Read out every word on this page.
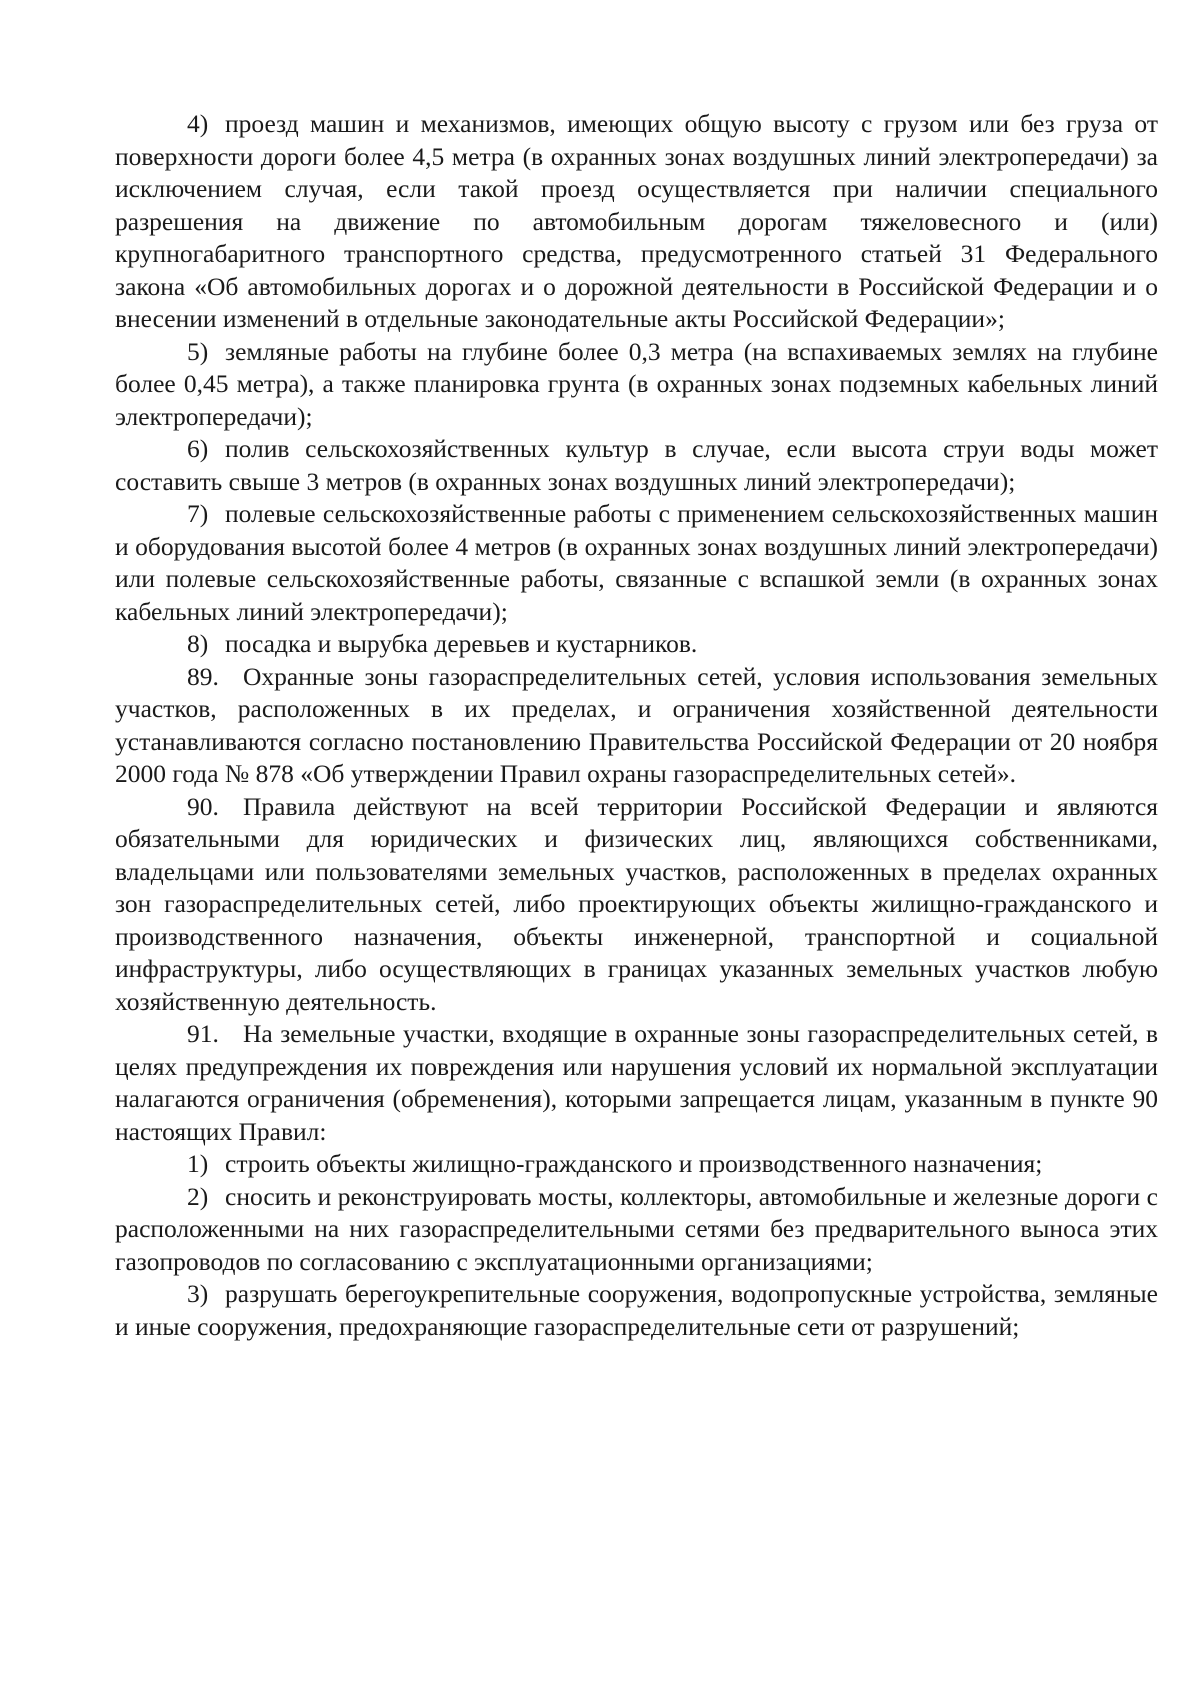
4) проезд машин и механизмов, имеющих общую высоту с грузом или без груза от поверхности дороги более 4,5 метра (в охранных зонах воздушных линий электропередачи) за исключением случая, если такой проезд осуществляется при наличии специального разрешения на движение по автомобильным дорогам тяжеловесного и (или) крупногабаритного транспортного средства, предусмотренного статьей 31 Федерального закона «Об автомобильных дорогах и о дорожной деятельности в Российской Федерации и о внесении изменений в отдельные законодательные акты Российской Федерации»;

5) земляные работы на глубине более 0,3 метра (на вспахиваемых землях на глубине более 0,45 метра), а также планировка грунта (в охранных зонах подземных кабельных линий электропередачи);

6) полив сельскохозяйственных культур в случае, если высота струи воды может составить свыше 3 метров (в охранных зонах воздушных линий электропередачи);

7) полевые сельскохозяйственные работы с применением сельскохозяйственных машин и оборудования высотой более 4 метров (в охранных зонах воздушных линий электропередачи) или полевые сельскохозяйственные работы, связанные с вспашкой земли (в охранных зонах кабельных линий электропередачи);

8) посадка и вырубка деревьев и кустарников.

89. Охранные зоны газораспределительных сетей, условия использования земельных участков, расположенных в их пределах, и ограничения хозяйственной деятельности устанавливаются согласно постановлению Правительства Российской Федерации от 20 ноября 2000 года № 878 «Об утверждении Правил охраны газораспределительных сетей».

90. Правила действуют на всей территории Российской Федерации и являются обязательными для юридических и физических лиц, являющихся собственниками, владельцами или пользователями земельных участков, расположенных в пределах охранных зон газораспределительных сетей, либо проектирующих объекты жилищно-гражданского и производственного назначения, объекты инженерной, транспортной и социальной инфраструктуры, либо осуществляющих в границах указанных земельных участков любую хозяйственную деятельность.

91. На земельные участки, входящие в охранные зоны газораспределительных сетей, в целях предупреждения их повреждения или нарушения условий их нормальной эксплуатации налагаются ограничения (обременения), которыми запрещается лицам, указанным в пункте 90 настоящих Правил:

1) строить объекты жилищно-гражданского и производственного назначения;

2) сносить и реконструировать мосты, коллекторы, автомобильные и железные дороги с расположенными на них газораспределительными сетями без предварительного выноса этих газопроводов по согласованию с эксплуатационными организациями;

3) разрушать берегоукрепительные сооружения, водопропускные устройства, земляные и иные сооружения, предохраняющие газораспределительные сети от разрушений;
